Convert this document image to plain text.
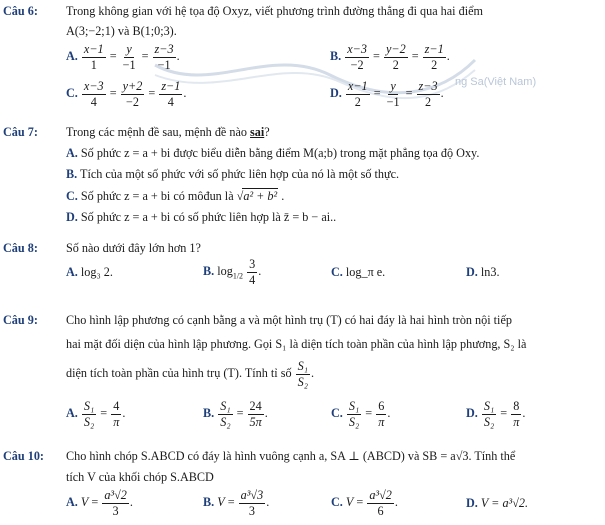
Câu 6: Trong không gian với hệ tọa độ Oxyz, viết phương trình đường thẳng đi qua hai điểm
A(3;−2;1) và B(1;0;3).
A. $\frac{x-1}{1} = \frac{y}{-1} = \frac{z-3}{-1}$ .	B. $\frac{x-3}{-2} = \frac{y-2}{2} = \frac{z-1}{2}$ .
C. $\frac{x-3}{4} = \frac{y+2}{-2} = \frac{z-1}{4}$ .	D. $\frac{x-1}{2} = \frac{y}{-1} = \frac{z-3}{2}$ .
ng Sa(Việt Nam)
Câu 7: Trong các mệnh đề sau, mệnh đề nào sai?
A. Số phức z = a + bi được biểu diễn bằng điểm M(a;b) trong mặt phẳng tọa độ Oxy.
B. Tích của một số phức với số phức liên hợp của nó là một số thực.
C. Số phức z = a + bi có môđun là √a² + b² .
D. Số phức z = a + bi có số phức liên hợp là z̄ = b − ai..
Câu 8: Số nào dưới đây lớn hơn 1?
A. log₃ 2.	B. $\log_{1/2} \frac{3}{4}$ .	C. log_π e.	D. ln3.
Câu 9: Cho hình lập phương có cạnh bằng a và một hình trụ (T) có hai đáy là hai hình tròn nội tiếp
hai mặt đối diện của hình lập phương. Gọi S₁ là diện tích toàn phần của hình lập phương, S₂ là
diện tích toàn phần của hình trụ (T). Tính tỉ số $\frac{\text{S₁}}{\text{S₂}}$ .
A. $\frac{\text{S₁}}{\text{S₂}} = \frac{4}{\pi}$ .	B. $\frac{\text{S₁}}{\text{S₂}} = \frac{24}{5\pi}$ .	C. $\frac{\text{S₁}}{\text{S₂}} = \frac{6}{\pi}$ .	D. $\frac{\text{S₁}}{\text{S₂}} = \frac{8}{\pi}$ .
Câu 10: Cho hình chóp S.ABCD có đáy là hình vuông cạnh a, SA ⊥ (ABCD) và SB = a√3. Tính thể
tích V của khối chóp S.ABCD
A. $V = \frac{\text{a³√2}}{3}$ .	B. $V = \frac{\text{a³√3}}{3}$ .	C. $V = \frac{\text{a³√2}}{6}$ .	D. V = a³√2.
